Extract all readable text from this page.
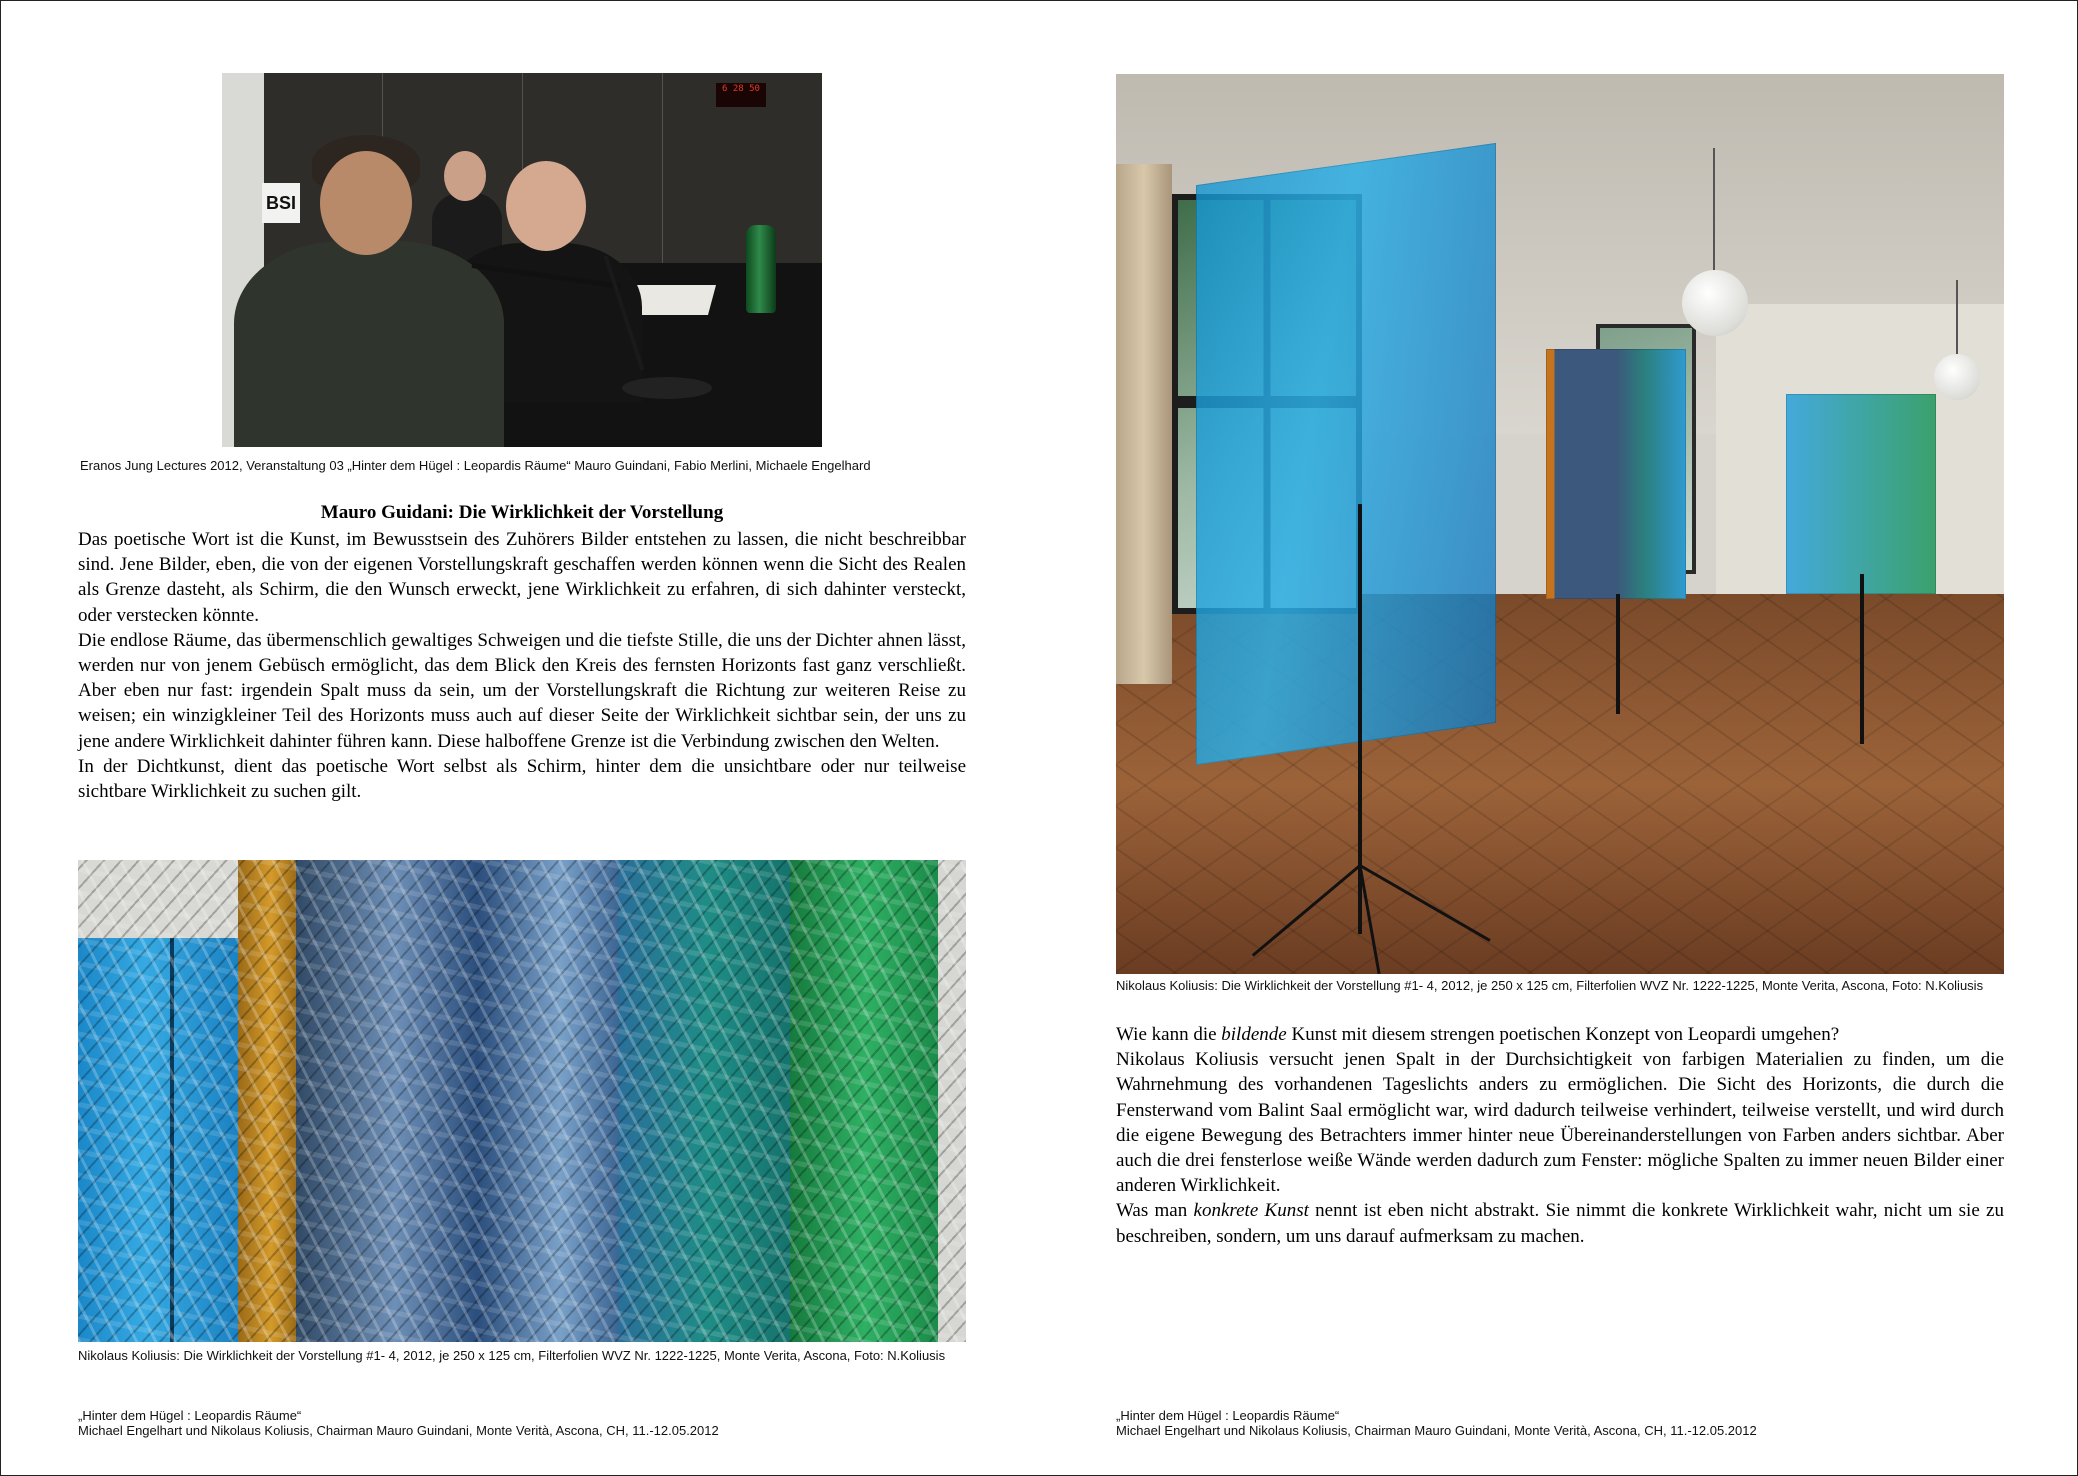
6 28 50
BSI
Eranos Jung Lectures 2012, Veranstaltung 03 „Hinter dem Hügel : Leopardis Räume“ Mauro Guindani, Fabio Merlini, Michaele Engelhard
Mauro Guidani: Die Wirklichkeit der Vorstellung

Das poetische Wort ist die Kunst, im Bewusstsein des Zuhörers Bilder entstehen zu lassen, die nicht beschreibbar sind. Jene Bilder, eben, die von der eigenen Vorstellungskraft geschaffen werden können wenn die Sicht des Realen als Grenze dasteht, als Schirm, die den Wunsch erweckt, jene Wirklichkeit zu erfahren, di sich dahinter versteckt, oder verstecken könnte.

Die endlose Räume, das übermenschlich gewaltiges Schweigen und die tiefste Stille, die uns der Dichter ahnen lässt, werden nur von jenem Gebüsch ermöglicht, das dem Blick den Kreis des fernsten Horizonts fast ganz verschließt. Aber eben nur fast: irgendein Spalt muss da sein, um der Vorstellungskraft die Richtung zur weiteren Reise zu weisen; ein winzigkleiner Teil des Horizonts muss auch auf dieser Seite der Wirklichkeit sichtbar sein, der uns zu jene andere Wirklichkeit dahinter führen kann. Diese halboffene Grenze ist die Verbindung zwischen den Welten.

In der Dichtkunst, dient das poetische Wort selbst als Schirm, hinter dem die unsichtbare oder nur teilweise sichtbare Wirklichkeit zu suchen gilt.

Nikolaus Koliusis: Die Wirklichkeit der Vorstellung #1- 4, 2012, je 250 x 125 cm, Filterfolien WVZ Nr. 1222-1225, Monte Verita, Ascona, Foto: N.Koliusis
„Hinter dem Hügel : Leopardis Räume“
Michael Engelhart und Nikolaus Koliusis, Chairman Mauro Guindani, Monte Verità, Ascona, CH, 11.-12.05.2012
Nikolaus Koliusis: Die Wirklichkeit der Vorstellung #1- 4, 2012, je 250 x 125 cm, Filterfolien WVZ Nr. 1222-1225, Monte Verita, Ascona, Foto: N.Koliusis

Wie kann die bildende Kunst mit diesem strengen poetischen Konzept von Leopardi umgehen?

Nikolaus Koliusis versucht jenen Spalt in der Durchsichtigkeit von farbigen Materialien zu finden, um die Wahrnehmung des vorhandenen Tageslichts anders zu ermöglichen. Die Sicht des Horizonts, die durch die Fensterwand vom Balint Saal ermöglicht war, wird dadurch teilweise verhindert, teilweise verstellt, und wird durch die eigene Bewegung des Betrachters immer hinter neue Übereinanderstellungen von Farben anders sichtbar. Aber auch die drei fensterlose weiße Wände werden dadurch zum Fenster: mögliche Spalten zu immer neuen Bilder einer anderen Wirklichkeit.

Was man konkrete Kunst nennt ist eben nicht abstrakt. Sie nimmt die konkrete Wirklichkeit wahr, nicht um sie zu beschreiben, sondern, um uns darauf aufmerksam zu machen.

„Hinter dem Hügel : Leopardis Räume“
Michael Engelhart und Nikolaus Koliusis, Chairman Mauro Guindani, Monte Verità, Ascona, CH, 11.-12.05.2012
